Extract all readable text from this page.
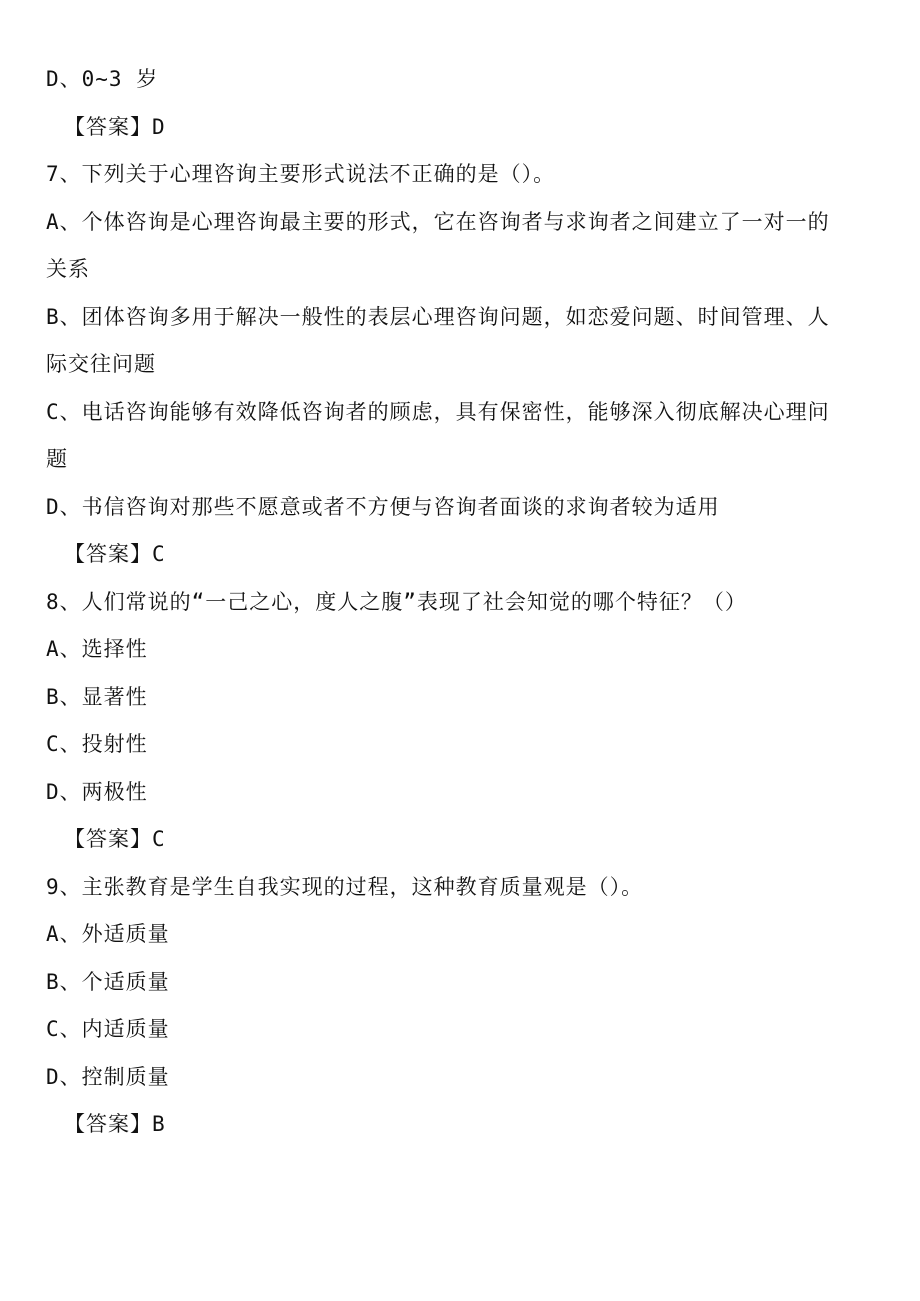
D、0~3 岁
【答案】D
7、下列关于心理咨询主要形式说法不正确的是（）。
A、个体咨询是心理咨询最主要的形式，它在咨询者与求询者之间建立了一对一的
关系
B、团体咨询多用于解决一般性的表层心理咨询问题，如恋爱问题、时间管理、人
际交往问题
C、电话咨询能够有效降低咨询者的顾虑，具有保密性，能够深入彻底解决心理问
题
D、书信咨询对那些不愿意或者不方便与咨询者面谈的求询者较为适用
【答案】C
8、人们常说的“一己之心，度人之腹”表现了社会知觉的哪个特征？（）
A、选择性
B、显著性
C、投射性
D、两极性
【答案】C
9、主张教育是学生自我实现的过程，这种教育质量观是（）。
A、外适质量
B、个适质量
C、内适质量
D、控制质量
【答案】B
